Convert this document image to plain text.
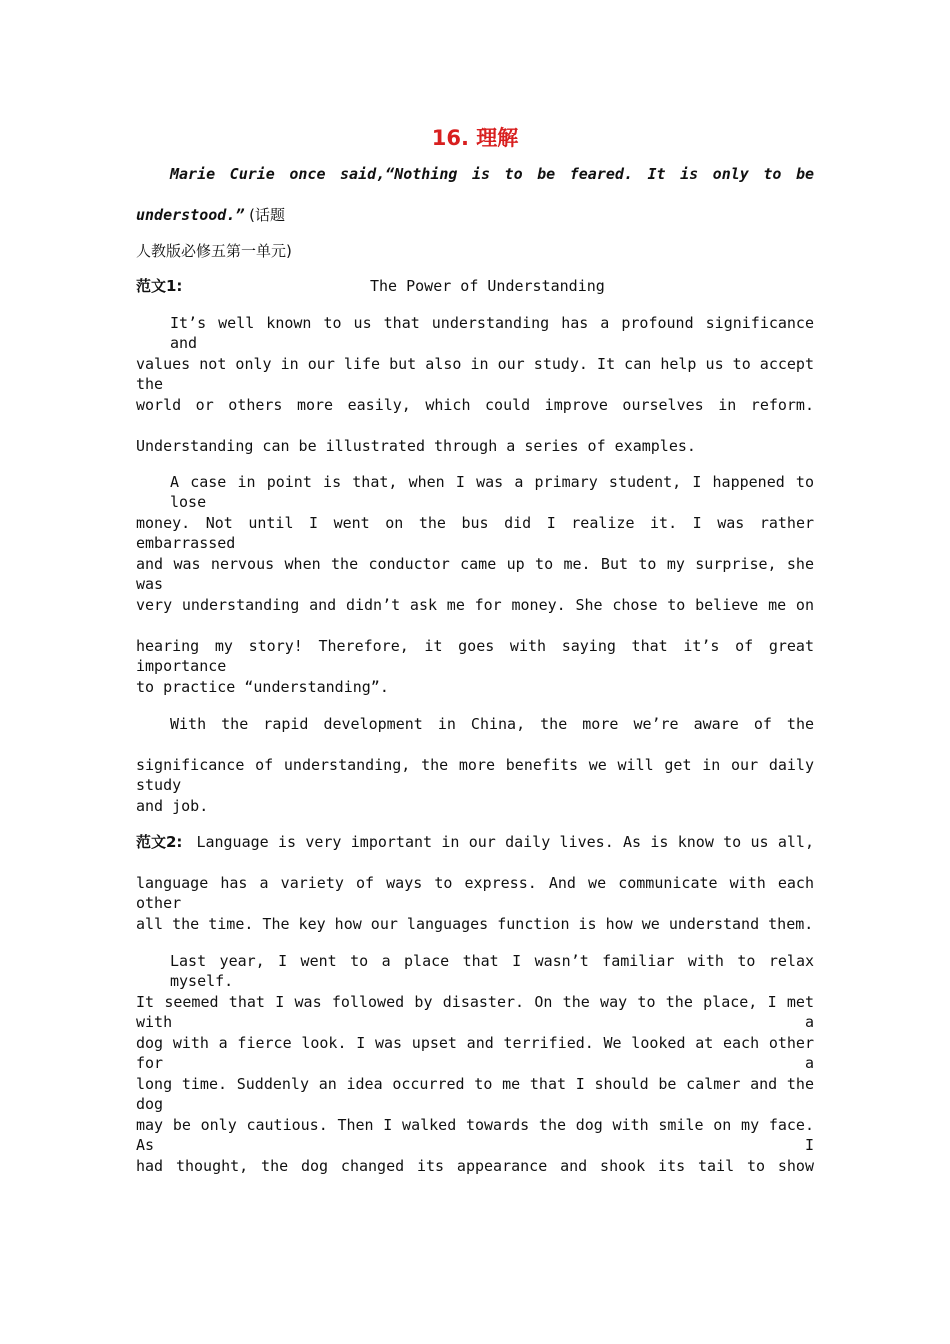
16. 理解
Marie Curie once said,“Nothing is to be feared. It is only to be
understood.” (话题
人教版必修五第一单元)
范文1:	The Power of Understanding
It’s well known to us that understanding has a profound significance and
values not only in our life but also in our study. It can help us to accept the
world or others more easily, which could improve ourselves in reform.
Understanding can be illustrated through a series of examples.
A case in point is that, when I was a primary student, I happened to lose
money. Not until I went on the bus did I realize it. I was rather embarrassed
and was nervous when the conductor came up to me. But to my surprise, she was
very understanding and didn’t ask me for money. She chose to believe me on
hearing my story! Therefore, it goes with saying that it’s of great importance
to practice “understanding”.
With the rapid development in China, the more we’re aware of the
significance of understanding, the more benefits we will get in our daily study
and job.
范文2: Language is very important in our daily lives. As is know to us all,
language has a variety of ways to express. And we communicate with each other
all the time. The key how our languages function is how we understand them.
Last year, I went to a place that I wasn’t familiar with to relax myself.
It seemed that I was followed by disaster. On the way to the place, I met with a
dog with a fierce look. I was upset and terrified. We looked at each other for a
long time. Suddenly an idea occurred to me that I should be calmer and the dog
may be only cautious. Then I walked towards the dog with smile on my face. As I
had thought, the dog changed its appearance and shook its tail to show
